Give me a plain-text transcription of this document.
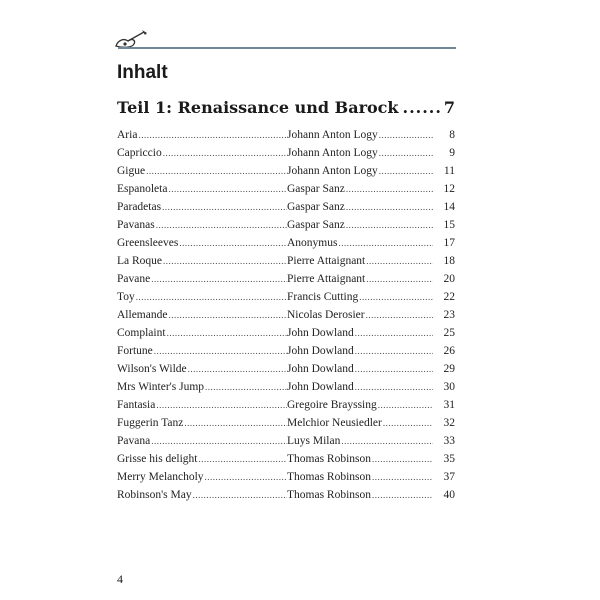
Inhalt
Teil 1: Renaissance und Barock .....	7
Aria .....	Johann Anton Logy .....	8
Capriccio .....	Johann Anton Logy .....	9
Gigue .....	Johann Anton Logy .....	11
Espanoleta .....	Gaspar Sanz .....	12
Paradetas .....	Gaspar Sanz .....	14
Pavanas .....	Gaspar Sanz .....	15
Greensleeves .....	Anonymus .....	17
La Roque .....	Pierre Attaignant .....	18
Pavane .....	Pierre Attaignant .....	20
Toy .....	Francis Cutting .....	22
Allemande .....	Nicolas Derosier .....	23
Complaint .....	John Dowland .....	25
Fortune .....	John Dowland .....	26
Wilson's Wilde .....	John Dowland .....	29
Mrs Winter's Jump .....	John Dowland .....	30
Fantasia .....	Gregoire Brayssing .....	31
Fuggerin Tanz .....	Melchior Neusiedler .....	32
Pavana .....	Luys Milan .....	33
Grisse his delight .....	Thomas Robinson .....	35
Merry Melancholy .....	Thomas Robinson .....	37
Robinson's May .....	Thomas Robinson .....	40
4
